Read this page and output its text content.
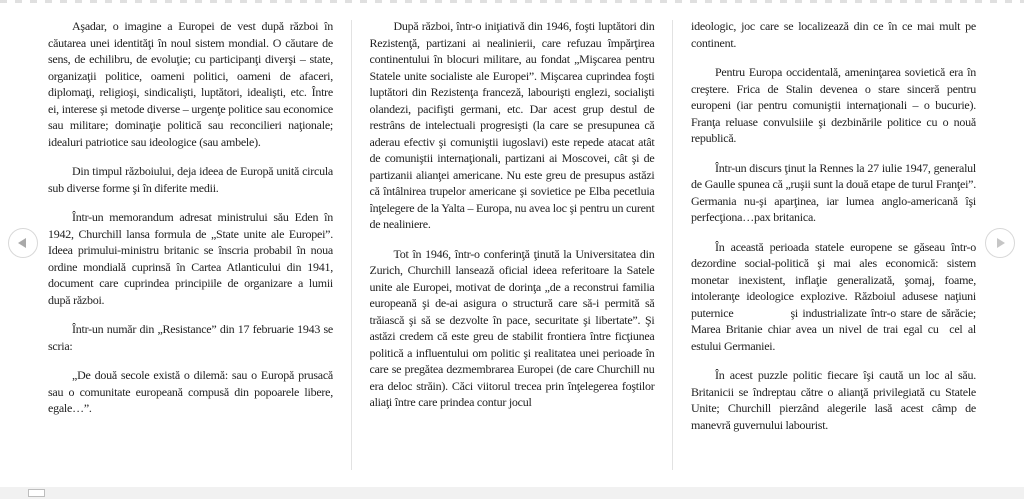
Aşadar, o imagine a Europei de vest după război în căutarea unei identităţi în noul sistem mondial. O căutare de sens, de echilibru, de evoluţie; cu participanţi diverşi – state, organizaţii politice, oameni politici, oameni de afaceri, diplomaţi, religioşi, sindicalişti, luptători, idealişti, etc. Între ei, interese şi metode diverse – urgenţe politice sau economice sau militare; dominaţie politică sau reconcilieri naţionale; idealuri patriotice sau ideologice (sau ambele).

Din timpul războiului, deja ideea de Europă unită circula sub diverse forme şi în diferite medii.

Într-un memorandum adresat ministrului său Eden în 1942, Churchill lansa formula de „State unite ale Europei”. Ideea primului-ministru britanic se înscria probabil în noua ordine mondială cuprinsă în Cartea Atlanticului din 1941, document care cuprindea principiile de organizare a lumii după război.

Într-un număr din „Resistance” din 17 februarie 1943 se scria:

„De două secole există o dilemă: sau o Europă prusacă sau o comunitate europeană compusă din popoarele libere, egale…”.

După război, într-o iniţiativă din 1946, foşti luptători din Rezistenţă, partizani ai nealinierii, care refuzau împărţirea continentului în blocuri militare, au fondat „Mişcarea pentru Statele unite socialiste ale Europei”. Mişcarea cuprindea foşti luptători din Rezistenţa franceză, labourişti englezi, socialişti olandezi, pacifişti germani, etc. Dar acest grup destul de restrâns de intelectuali progresişti (la care se presupunea că aderau efectiv şi comuniştii iugoslavi) este repede atacat atât de comuniştii internaţionali, partizani ai Moscovei, cât şi de partizanii alianţei americane. Nu este greu de presupus astăzi că întâlnirea trupelor americane şi sovietice pe Elba pecetluia înţelegere de la Yalta – Europa, nu avea loc şi pentru un curent de nealiniere.

Tot în 1946, într-o conferinţă ţinută la Universitatea din Zurich, Churchill lansează oficial ideea referitoare la Satele unite ale Europei, motivat de dorinţa „de a reconstrui familia europeană şi de-ai asigura o structură care să-i permită să trăiască şi să se dezvolte în pace, securitate şi libertate”. Şi astăzi credem că este greu de stabilit frontiera între ficţiunea politică a influentului om politic şi realitatea unei perioade în care se pregătea dezmembrarea Europei (de care Churchill nu era deloc străin). Căci viitorul trecea prin înţelegerea foştilor aliaţi între care prindea contur jocul

ideologic, joc care se localizează din ce în ce mai mult pe continent.

Pentru Europa occidentală, ameninţarea sovietică era în creştere. Frica de Stalin devenea o stare sinceră pentru europeni (iar pentru comuniştii internaţionali – o bucurie). Franţa reluase convulsiile şi dezbinările politice cu o nouă republică.

Într-un discurs ţinut la Rennes la 27 iulie 1947, generalul de Gaulle spunea că „ruşii sunt la două etape de turul Franţei”. Germania nu-şi aparţinea, iar lumea anglo-americană îşi perfecţiona…pax britanica.

În această perioada statele europene se găseau într-o dezordine social-politică şi mai ales economică: sistem monetar inexistent, inflaţie generalizată, şomaj, foame, intoleranţe ideologice explozive. Războiul adusese naţiuni puternice             şi industrializate într-o stare de sărăcie; Marea Britanie chiar avea un nivel de trai egal cu  cel al estului Germaniei.

În acest puzzle politic fiecare îşi caută un loc al său. Britanicii se îndreptau către o alianţă privilegiată cu Statele Unite; Churchill pierzând alegerile lasă acest câmp de manevră guvernului labourist.
